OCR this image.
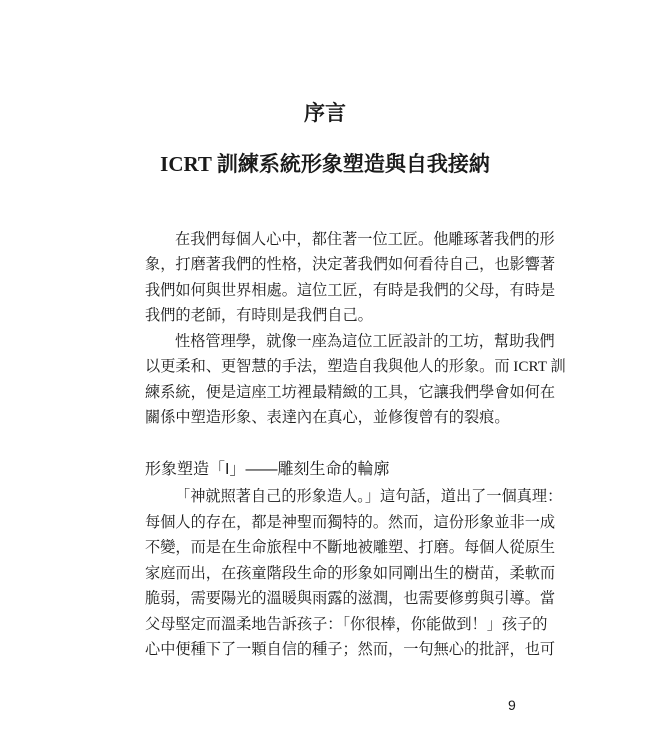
序言
ICRT 訓練系統形象塑造與自我接納
在我們每個人心中，都住著一位工匠。他雕琢著我們的形
象，打磨著我們的性格，決定著我們如何看待自己，也影響著
我們如何與世界相處。這位工匠，有時是我們的父母，有時是
我們的老師，有時則是我們自己。
性格管理學，就像一座為這位工匠設計的工坊，幫助我們
以更柔和、更智慧的手法，塑造自我與他人的形象。而 ICRT 訓
練系統，便是這座工坊裡最精緻的工具，它讓我們學會如何在
關係中塑造形象、表達內在真心，並修復曾有的裂痕。
形象塑造「I」——雕刻生命的輪廓
「神就照著自己的形象造人。」這句話，道出了一個真理：
每個人的存在，都是神聖而獨特的。然而，這份形象並非一成
不變，而是在生命旅程中不斷地被雕塑、打磨。每個人從原生
家庭而出，在孩童階段生命的形象如同剛出生的樹苗，柔軟而
脆弱，需要陽光的溫暖與雨露的滋潤，也需要修剪與引導。當
父母堅定而溫柔地告訴孩子：「你很棒，你能做到！」孩子的
心中便種下了一顆自信的種子；然而，一句無心的批評，也可
9
